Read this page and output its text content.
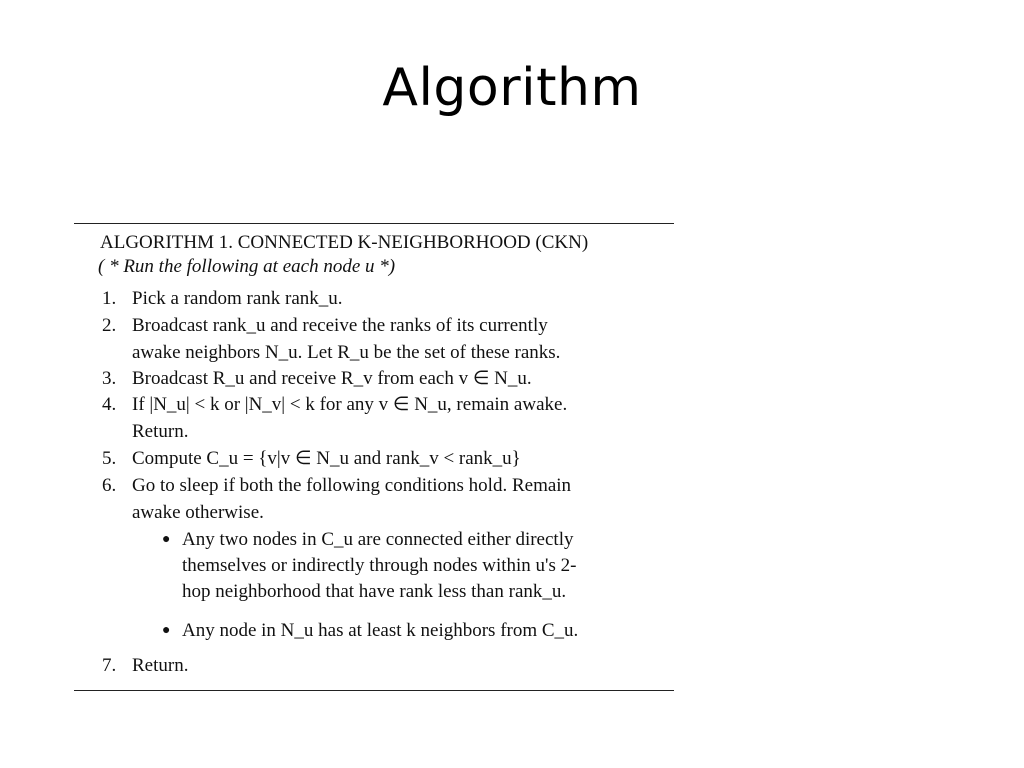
Algorithm
ALGORITHM 1. CONNECTED K-NEIGHBORHOOD (CKN)
( * Run the following at each node u *)
1. Pick a random rank rank_u.
2. Broadcast rank_u and receive the ranks of its currently
awake neighbors N_u. Let R_u be the set of these ranks.
3. Broadcast R_u and receive R_v from each v ∈ N_u.
4. If |N_u| < k or |N_v| < k for any v ∈ N_u, remain awake.
Return.
5. Compute C_u = {v|v ∈ N_u and rank_v < rank_u}
6. Go to sleep if both the following conditions hold. Remain
awake otherwise.
● Any two nodes in C_u are connected either directly
themselves or indirectly through nodes within u's 2-
hop neighborhood that have rank less than rank_u.
● Any node in N_u has at least k neighbors from C_u.
7. Return.
